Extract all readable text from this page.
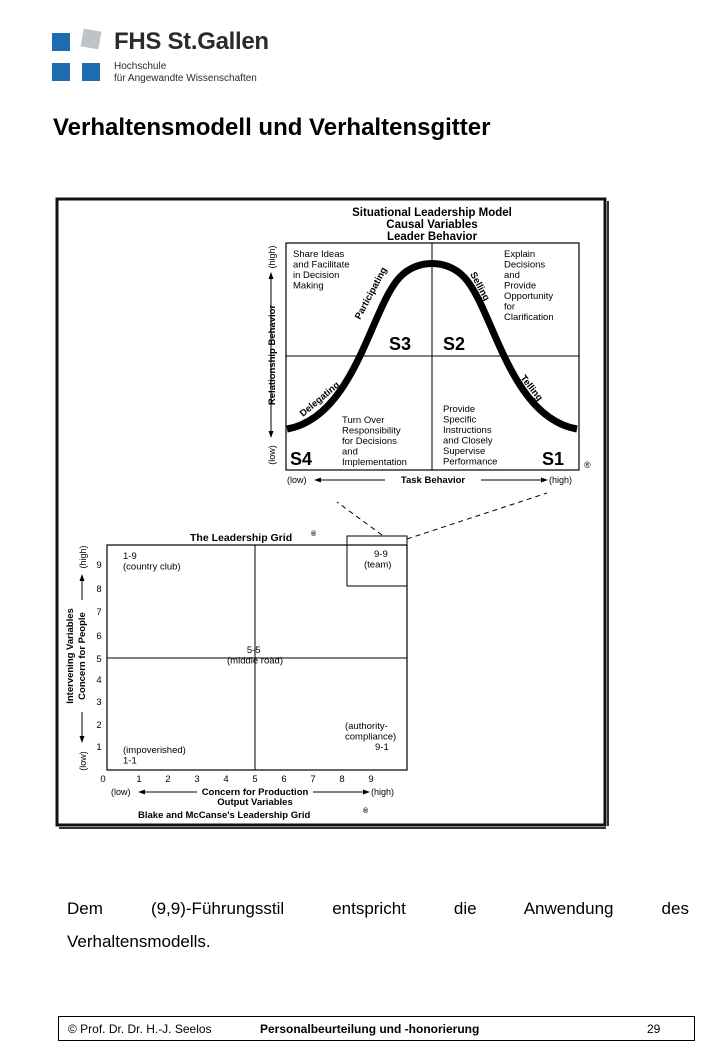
FHS St.Gallen
Hochschule
für Angewandte Wissenschaften
Verhaltensmodell und Verhaltensgitter
Situational Leadership Model
Causal Variables
Leader Behavior
Share Ideas and Facilitate in Decision Making
Explain Decisions and Provide Opportunity for Clarification
Turn Over Responsibility for Decisions and Implementation
Provide Specific Instructions and Closely Supervise Performance
S3 S2
S4	S1 ®
Participating	Selling
Delegating	Telling
Relationship Behavior
(high)
(low)
(low)	Task Behavior	(high)
The Leadership Grid	®
1-9 (country club)
9-9 (team)
5-5 (middle road)
(impoverished) 1-1
(authority- compliance) 9-1
1
2
3
4
5
6
7
8
9
0	1 2 3 4 5 6 7 8 9
(high)
Intervening Variables Concern for People
(low)
(low)	Concern for Production	(high)
Output Variables
Blake and McCanse's Leadership Grid	®
Dem	(9,9)-Führungsstil	entspricht	die	Anwendung	des
Verhaltensmodells.
© Prof. Dr. Dr. H.-J. Seelos	Personalbeurteilung und -honorierung	29
